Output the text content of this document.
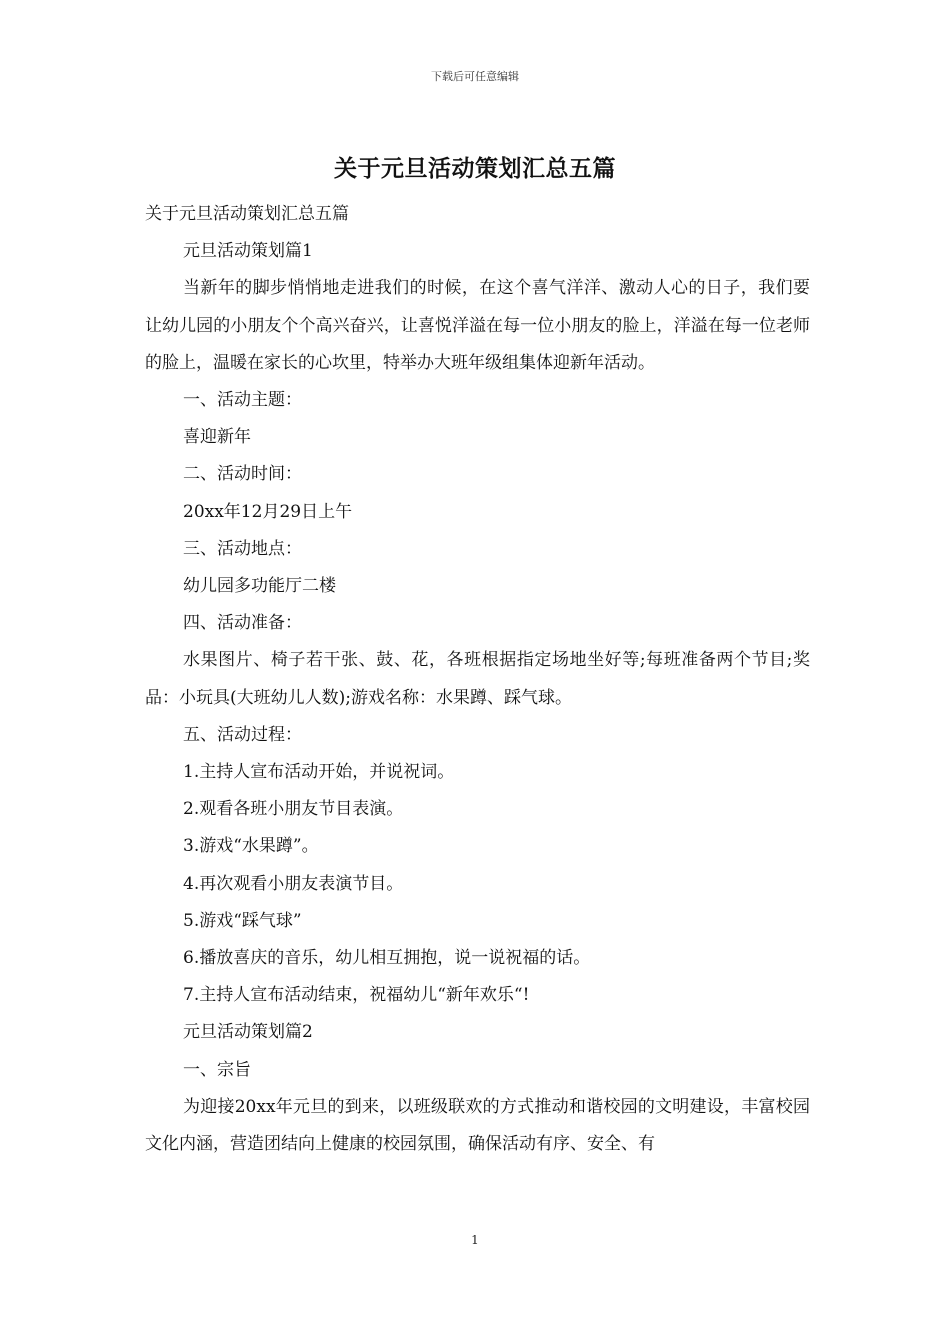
下载后可任意编辑
关于元旦活动策划汇总五篇

关于元旦活动策划汇总五篇

元旦活动策划篇1

当新年的脚步悄悄地走进我们的时候，在这个喜气洋洋、激动人心的日子，我们要让幼儿园的小朋友个个高兴奋兴，让喜悦洋溢在每一位小朋友的脸上，洋溢在每一位老师的脸上，温暖在家长的心坎里，特举办大班年级组集体迎新年活动。

一、活动主题：

喜迎新年

二、活动时间：

20xx年12月29日上午

三、活动地点：

幼儿园多功能厅二楼

四、活动准备：

水果图片、椅子若干张、鼓、花，各班根据指定场地坐好等;每班准备两个节目;奖品：小玩具(大班幼儿人数);游戏名称：水果蹲、踩气球。

五、活动过程：

1.主持人宣布活动开始，并说祝词。

2.观看各班小朋友节目表演。

3.游戏“水果蹲”。

4.再次观看小朋友表演节目。

5.游戏“踩气球”

6.播放喜庆的音乐，幼儿相互拥抱，说一说祝福的话。

7.主持人宣布活动结束，祝福幼儿“新年欢乐“!

元旦活动策划篇2

一、宗旨

为迎接20xx年元旦的到来，以班级联欢的方式推动和谐校园的文明建设，丰富校园文化内涵，营造团结向上健康的校园氛围，确保活动有序、安全、有

1
